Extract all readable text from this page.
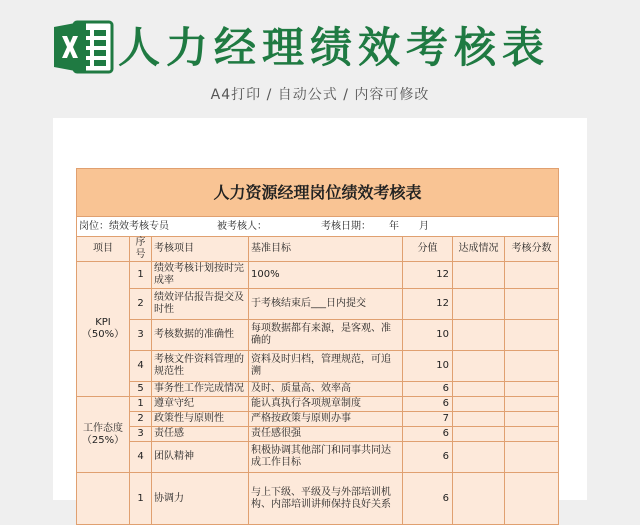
人力经理绩效考核表
A4打印 / 自动公式 / 内容可修改
人力资源经理岗位绩效考核表						

岗位：绩效考核专员 被考核人： 考核日期： 年 月						

项目	序号	考核项目	基准目标	分值	达成情况	考核分数

KPI
（50%）	1	绩效考核计划按时完成率	100%	12		
	2	绩效评估报告提交及时性	于考核结束后___日内提交	12		
	3	考核数据的准确性	每项数据都有来源，是客观、准确的	10		
	4	考核文件资料管理的规范性	资料及时归档，管理规范，可追溯	10		
	5	事务性工作完成情况	及时、质量高、效率高	6		

工作态度
（25%）	1	遵章守纪	能认真执行各项规章制度	6		
	2	政策性与原则性	严格按政策与原则办事	7		
	3	责任感	责任感很强	6		
	4	团队精神	积极协调其他部门和同事共同达成工作目标	6		

	1	协调力	与上下级、平级及与外部培训机构、内部培训讲师保持良好关系	6		
